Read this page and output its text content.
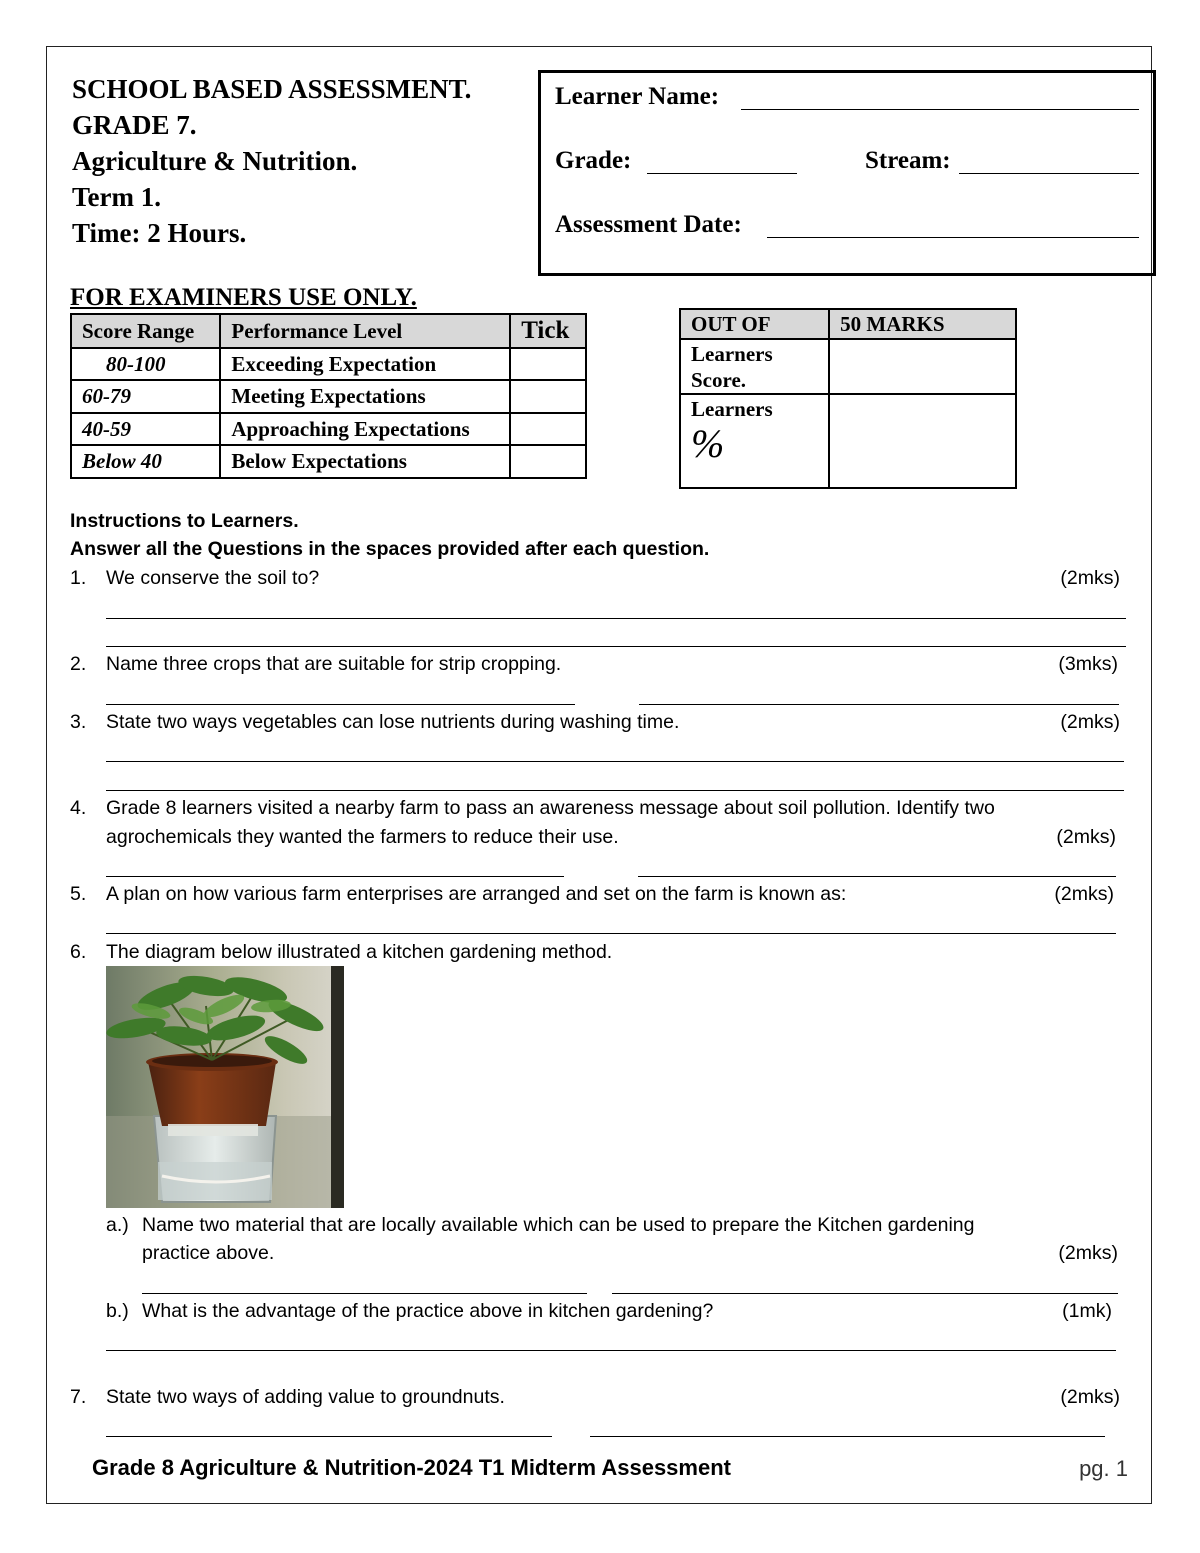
SCHOOL BASED ASSESSMENT.
GRADE 7.
Agriculture & Nutrition.
Term 1.
Time: 2 Hours.
Learner Name:
Grade:	Stream:
Assessment Date:
FOR EXAMINERS USE ONLY.
Score Range	Performance Level	Tick
80-100	Exceeding Expectation	
60-79	Meeting Expectations	
40-59	Approaching Expectations	
Below 40	Below Expectations	
OUT OF	50 MARKS

Learners
Score.	

Learners
%	

Instructions to Learners.
Answer all the Questions in the spaces provided after each question.
1. We conserve the soil to?	(2mks)
2. Name three crops that are suitable for strip cropping.	(3mks)
3. State two ways vegetables can lose nutrients during washing time.	(2mks)
4. Grade 8 learners visited a nearby farm to pass an awareness message about soil pollution. Identify two
agrochemicals they wanted the farmers to reduce their use.	(2mks)
5. A plan on how various farm enterprises are arranged and set on the farm is known as:	(2mks)
6. The diagram below illustrated a kitchen gardening method.
a.) Name two material that are locally available which can be used to prepare the Kitchen gardening
practice above.	(2mks)
b.) What is the advantage of the practice above in kitchen gardening?	(1mk)
7. State two ways of adding value to groundnuts.	(2mks)
Grade 8 Agriculture & Nutrition-2024 T1 Midterm Assessment	pg. 1
